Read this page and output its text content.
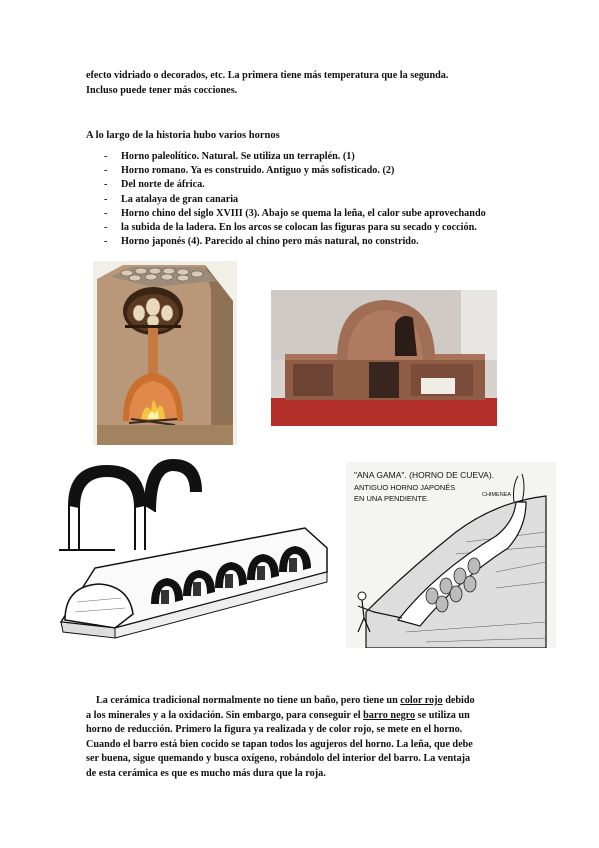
efecto vidriado o decorados, etc. La primera tiene más temperatura que la segunda.
Incluso puede tener más cocciones.
A lo largo de la historia hubo varios hornos
- Horno paleolítico. Natural. Se utiliza un terraplén. (1)
- Horno romano. Ya es construido. Antiguo y más sofisticado. (2)
- Del norte de áfrica.
- La atalaya de gran canaria
- Horno chino del siglo XVIII (3). Abajo se quema la leña, el calor sube aprovechando
- la subida de la ladera. En los arcos se colocan las figuras para su secado y cocción.
- Horno japonés (4). Parecido al chino pero más natural, no constrido.
"ANA GAMA". (HORNO DE CUEVA).
ANTIGUO HORNO JAPONÉS
EN UNA PENDIENTE.	CHIMENEA
La cerámica tradicional normalmente no tiene un baño, pero tiene un color rojo debido
a los minerales y a la oxidación. Sin embargo, para conseguir el barro negro se utiliza un
horno de reducción. Primero la figura ya realizada y de color rojo, se mete en el horno.
Cuando el barro está bien cocido se tapan todos los agujeros del horno. La leña, que debe
ser buena, sigue quemando y busca oxígeno, robándolo del interior del barro. La ventaja
de esta cerámica es que es mucho más dura que la roja.
